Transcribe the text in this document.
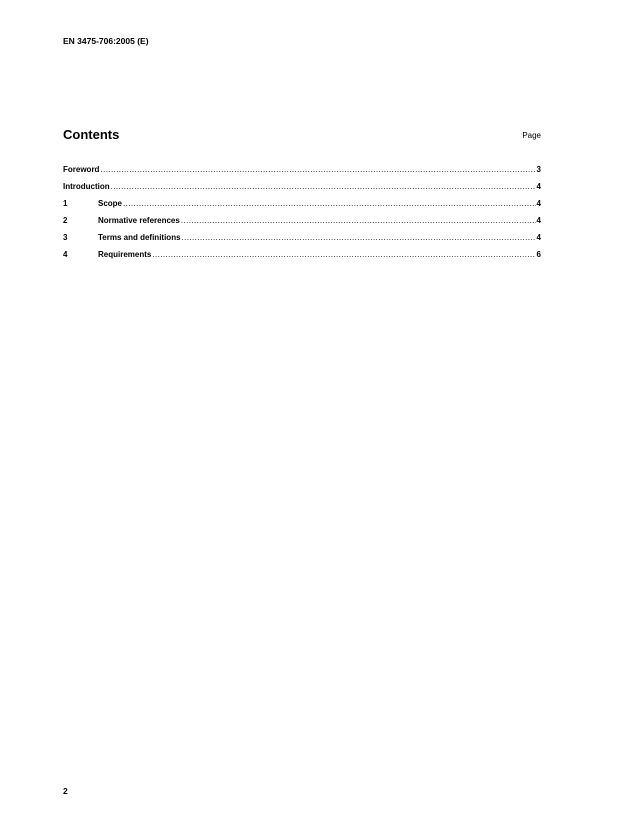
EN 3475-706:2005 (E)
Contents	Page
Foreword .....	3
Introduction .....	4
1	Scope .....	4
2	Normative references .....	4
3	Terms and definitions .....	4
4	Requirements .....	6
2
